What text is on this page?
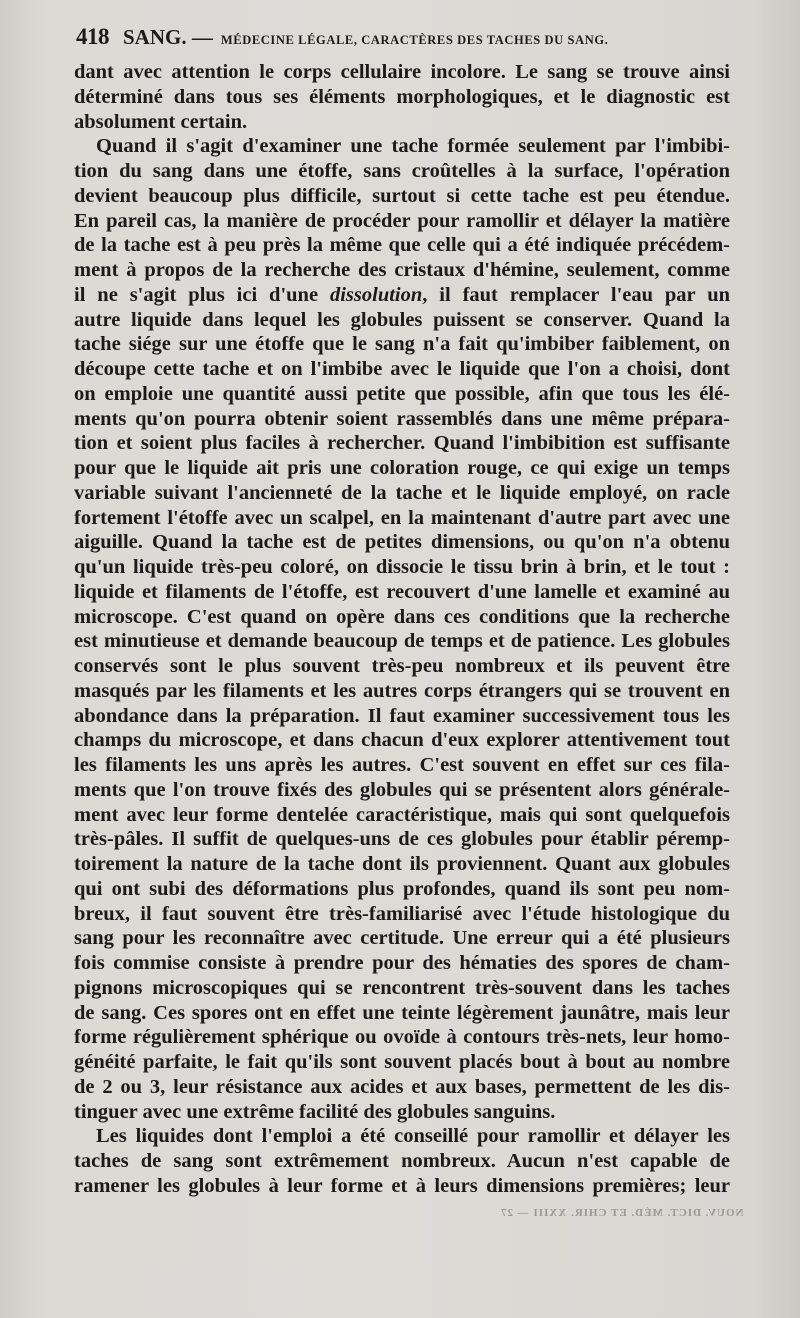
418 SANG. — MÉDECINE LÉGALE, CARACTÈRES DES TACHES DU SANG.
dant avec attention le corps cellulaire incolore. Le sang se trouve ainsi
déterminé dans tous ses éléments morphologiques, et le diagnostic est
absolument certain.
Quand il s'agit d'examiner une tache formée seulement par l'imbibi-
tion du sang dans une étoffe, sans croûtelles à la surface, l'opération
devient beaucoup plus difficile, surtout si cette tache est peu étendue.
En pareil cas, la manière de procéder pour ramollir et délayer la matière
de la tache est à peu près la même que celle qui a été indiquée précédem-
ment à propos de la recherche des cristaux d'hémine, seulement, comme
il ne s'agit plus ici d'une dissolution, il faut remplacer l'eau par un
autre liquide dans lequel les globules puissent se conserver. Quand la
tache siége sur une étoffe que le sang n'a fait qu'imbiber faiblement, on
découpe cette tache et on l'imbibe avec le liquide que l'on a choisi, dont
on emploie une quantité aussi petite que possible, afin que tous les élé-
ments qu'on pourra obtenir soient rassemblés dans une même prépara-
tion et soient plus faciles à rechercher. Quand l'imbibition est suffisante
pour que le liquide ait pris une coloration rouge, ce qui exige un temps
variable suivant l'ancienneté de la tache et le liquide employé, on racle
fortement l'étoffe avec un scalpel, en la maintenant d'autre part avec une
aiguille. Quand la tache est de petites dimensions, ou qu'on n'a obtenu
qu'un liquide très-peu coloré, on dissocie le tissu brin à brin, et le tout :
liquide et filaments de l'étoffe, est recouvert d'une lamelle et examiné au
microscope. C'est quand on opère dans ces conditions que la recherche
est minutieuse et demande beaucoup de temps et de patience. Les globules
conservés sont le plus souvent très-peu nombreux et ils peuvent être
masqués par les filaments et les autres corps étrangers qui se trouvent en
abondance dans la préparation. Il faut examiner successivement tous les
champs du microscope, et dans chacun d'eux explorer attentivement tout
les filaments les uns après les autres. C'est souvent en effet sur ces fila-
ments que l'on trouve fixés des globules qui se présentent alors générale-
ment avec leur forme dentelée caractéristique, mais qui sont quelquefois
très-pâles. Il suffit de quelques-uns de ces globules pour établir péremp-
toirement la nature de la tache dont ils proviennent. Quant aux globules
qui ont subi des déformations plus profondes, quand ils sont peu nom-
breux, il faut souvent être très-familiarisé avec l'étude histologique du
sang pour les reconnaître avec certitude. Une erreur qui a été plusieurs
fois commise consiste à prendre pour des hématies des spores de cham-
pignons microscopiques qui se rencontrent très-souvent dans les taches
de sang. Ces spores ont en effet une teinte légèrement jaunâtre, mais leur
forme régulièrement sphérique ou ovoïde à contours très-nets, leur homo-
généité parfaite, le fait qu'ils sont souvent placés bout à bout au nombre
de 2 ou 3, leur résistance aux acides et aux bases, permettent de les dis-
tinguer avec une extrême facilité des globules sanguins.
Les liquides dont l'emploi a été conseillé pour ramollir et délayer les
taches de sang sont extrêmement nombreux. Aucun n'est capable de
ramener les globules à leur forme et à leurs dimensions premières; leur
NOUV. DICT. MÉD. ET CHIR. XXIII — 27
